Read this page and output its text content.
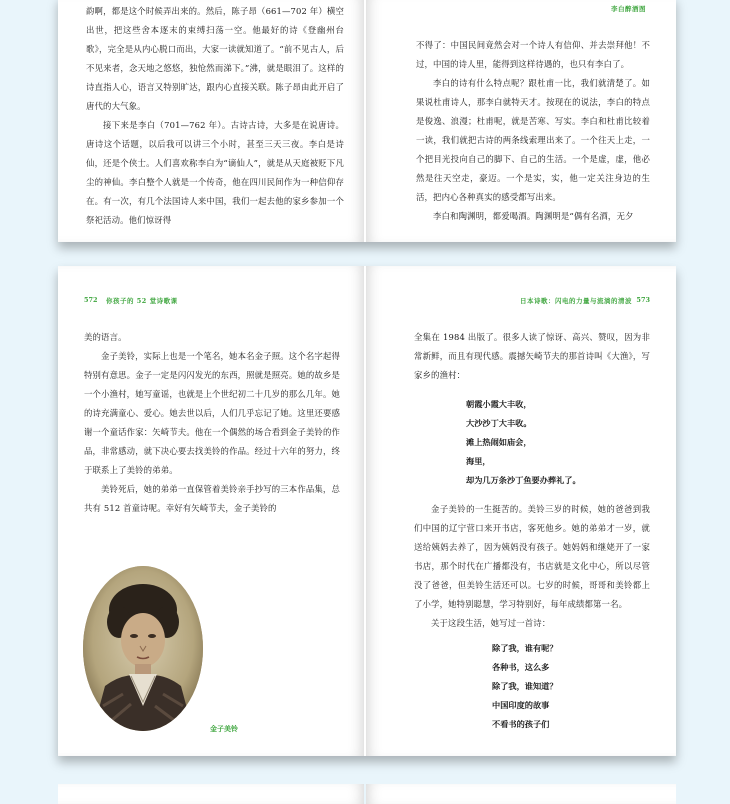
韵啊，都是这个时候弄出来的。然后，陈子昂（661—702 年）横空出世，把这些舍本逐末的束缚扫荡一空。他最好的诗《登幽州台歌》，完全是从内心脱口而出，大家一读就知道了。“前不见古人，后不见来者，念天地之悠悠，独怆然而涕下。”沸，就是眼泪了。这样的诗直指人心，语言又特别旷达，跟内心直接关联。陈子昂由此开启了唐代的大气象。

接下来是李白（701—762 年）。古诗古诗，大多是在说唐诗。唐诗这个话题，以后我可以讲三个小时，甚至三天三夜。李白是诗仙，还是个侠士。人们喜欢称李白为“谪仙人”，就是从天庭被贬下凡尘的神仙。李白整个人就是一个传奇，他在四川民间作为一种信仰存在。有一次，有几个法国诗人来中国，我们一起去他的家乡参加一个祭祀活动。他们惊讶得

李白醉酒图

不得了：中国民间竟然会对一个诗人有信仰、并去崇拜他！不过，中国的诗人里，能得到这样待遇的，也只有李白了。

李白的诗有什么特点呢？跟杜甫一比，我们就清楚了。如果说杜甫诗人，那李白就特天才。按现在的说法，李白的特点是俊逸、浪漫；杜甫呢，就是苦寒、写实。李白和杜甫比较着一读，我们就把古诗的两条线索理出来了。一个往天上走，一个把目光投向自己的脚下、自己的生活。一个是虚，虚，他必然是往天空走，豪迈。一个是实，实，他一定关注身边的生活，把内心各种真实的感受都写出来。

李白和陶渊明，都爱喝酒。陶渊明是“偶有名酒，无夕

572 你孩子的 52 堂诗歌课

美的语言。

金子美铃，实际上也是一个笔名，她本名金子照。这个名字起得特别有意思。金子一定是闪闪发光的东西，照就是照亮。她的故乡是一个小渔村，她写童谣，也就是上个世纪初二十几岁的那么几年。她的诗充满童心、爱心。她去世以后，人们几乎忘记了她。这里还要感谢一个童话作家：矢崎节夫。他在一个偶然的场合看到金子美铃的作品，非常感动，就下决心要去找美铃的作品。经过十六年的努力，终于联系上了美铃的弟弟。

美铃死后，她的弟弟一直保管着美铃亲手抄写的三本作品集，总共有 512 首童诗呢。幸好有矢崎节夫，金子美铃的

金子美铃
日本诗歌：闪电的力量与流淌的清波 573

全集在 1984 出版了。很多人读了惊讶、高兴、赞叹，因为非常新鲜，而且有现代感。震撼矢崎节夫的那首诗叫《大渔》，写家乡的渔村：

朝霞小霞大丰收，

大沙沙丁大丰收。

滩上热闹如庙会，

海里，

却为几万条沙丁鱼要办葬礼了。

金子美铃的一生挺苦的。美铃三岁的时候，她的爸爸到我们中国的辽宁营口来开书店，客死他乡。她的弟弟才一岁，就送给姨妈去养了，因为姨妈没有孩子。她妈妈和继姥开了一家书店，那个时代在广播都没有，书店就是文化中心，所以尽管没了爸爸，但美铃生活还可以。七岁的时候，哥哥和美铃都上了小学，她特别聪慧，学习特别好，每年成绩都第一名。

关于这段生活，她写过一首诗：

除了我，谁有呢？

各种书，这么多

除了我，谁知道？

中国印度的故事

不看书的孩子们
